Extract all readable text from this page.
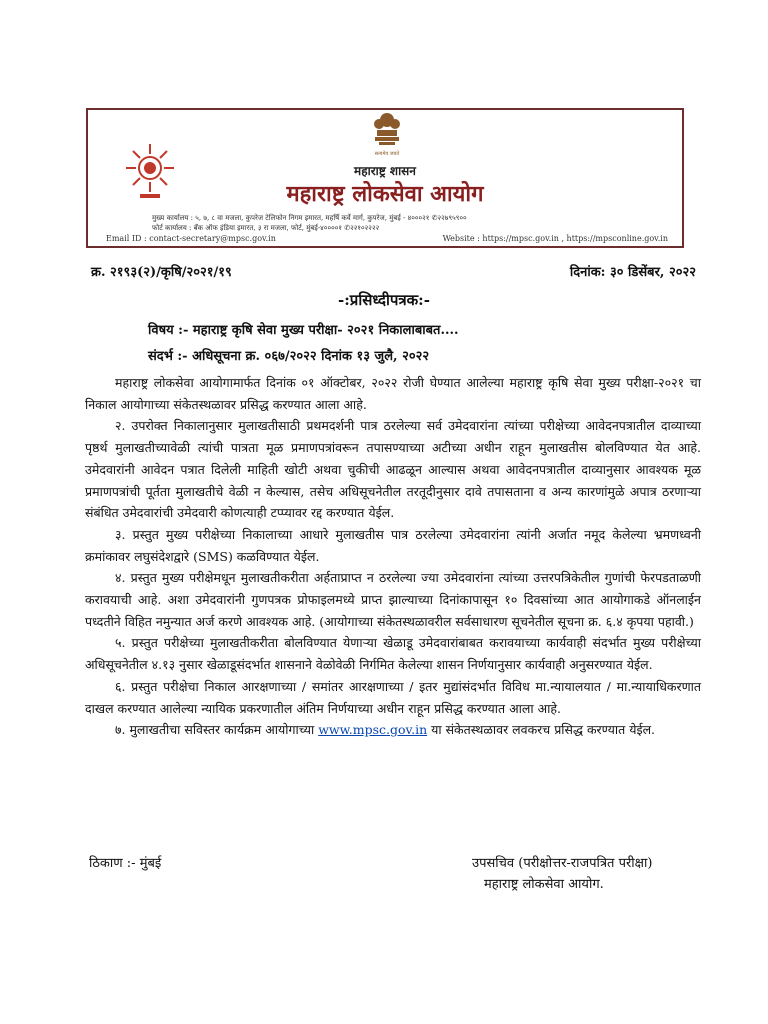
सत्यमेव जयते
महाराष्ट्र शासन
महाराष्ट्र लोकसेवा आयोग
मुख्य कार्यालय : ५, ७, ८ वा मजला, कुपरेज टेलिफोन निगम इमारत, महर्षि कर्वे मार्ग, कुपरेज, मुंबई - ४०००२१ ✆२२७९५९००
फोर्ट कार्यालय : बँक ऑफ इंडिया इमारत, ३ रा मजला, फोर्ट, मुंबई-४००००१ ✆२२१०२२२२
Email ID : contact-secretary@mpsc.gov.in	Website : https://mpsc.gov.in , https://mpsconline.gov.in
क्र. २१९३(२)/कृषि/२०२१/१९	दिनांक: ३० डिसेंबर, २०२२
-:प्रसिध्दीपत्रक:-
विषय :- महाराष्ट्र कृषि सेवा मुख्य परीक्षा- २०२१ निकालाबाबत....
संदर्भ :- अधिसूचना क्र. ०६७/२०२२ दिनांक १३ जुलै, २०२२

महाराष्ट्र लोकसेवा आयोगामार्फत दिनांक ०१ ऑक्टोबर, २०२२ रोजी घेण्यात आलेल्या महाराष्ट्र कृषि सेवा मुख्य परीक्षा-२०२१ चा निकाल आयोगाच्या संकेतस्थळावर प्रसिद्ध करण्यात आला आहे.

२. उपरोक्त निकालानुसार मुलाखतीसाठी प्रथमदर्शनी पात्र ठरलेल्या सर्व उमेदवारांना त्यांच्या परीक्षेच्या आवेदनपत्रातील दाव्याच्या पृष्ठर्थ मुलाखतीच्यावेळी त्यांची पात्रता मूळ प्रमाणपत्रांवरून तपासण्याच्या अटीच्या अधीन राहून मुलाखतीस बोलविण्यात येत आहे. उमेदवारांनी आवेदन पत्रात दिलेली माहिती खोटी अथवा चुकीची आढळून आल्यास अथवा आवेदनपत्रातील दाव्यानुसार आवश्यक मूळ प्रमाणपत्रांची पूर्तता मुलाखतीचे वेळी न केल्यास, तसेच अधिसूचनेतील तरतूदीनुसार दावे तपासताना व अन्य कारणांमुळे अपात्र ठरणाऱ्या संबंधित उमेदवारांची उमेदवारी कोणत्याही टप्प्यावर रद्द करण्यात येईल.

३. प्रस्तुत मुख्य परीक्षेच्या निकालाच्या आधारे मुलाखतीस पात्र ठरलेल्या उमेदवारांना त्यांनी अर्जात नमूद केलेल्या भ्रमणध्वनी क्रमांकावर लघुसंदेशद्वारे (SMS) कळविण्यात येईल.

४. प्रस्तुत मुख्य परीक्षेमधून मुलाखतीकरीता अर्हताप्राप्त न ठरलेल्या ज्या उमेदवारांना त्यांच्या उत्तरपत्रिकेतील गुणांची फेरपडताळणी करावयाची आहे. अशा उमेदवारांनी गुणपत्रक प्रोफाइलमध्ये प्राप्त झाल्याच्या दिनांकापासून १० दिवसांच्या आत आयोगाकडे ऑनलाईन पध्दतीने विहित नमुन्यात अर्ज करणे आवश्यक आहे. (आयोगाच्या संकेतस्थळावरील सर्वसाधारण सूचनेतील सूचना क्र. ६.४ कृपया पहावी.)

५. प्रस्तुत परीक्षेच्या मुलाखतीकरीता बोलविण्यात येणाऱ्या खेळाडू उमेदवारांबाबत करावयाच्या कार्यवाही संदर्भात मुख्य परीक्षेच्या अधिसूचनेतील ४.१३ नुसार खेळाडूसंदर्भात शासनाने वेळोवेळी निर्गमित केलेल्या शासन निर्णयानुसार कार्यवाही अनुसरण्यात येईल.

६. प्रस्तुत परीक्षेचा निकाल आरक्षणाच्या / समांतर आरक्षणाच्या / इतर मुद्यांसंदर्भात विविध मा.न्यायालयात / मा.न्यायाधिकरणात दाखल करण्यात आलेल्या न्यायिक प्रकरणातील अंतिम निर्णयाच्या अधीन राहून प्रसिद्ध करण्यात आला आहे.

७. मुलाखतीचा सविस्तर कार्यक्रम आयोगाच्या www.mpsc.gov.in या संकेतस्थळावर लवकरच प्रसिद्ध करण्यात येईल.

ठिकाण :- मुंबई	उपसचिव (परीक्षोत्तर-राजपत्रित परीक्षा)
महाराष्ट्र लोकसेवा आयोग.
